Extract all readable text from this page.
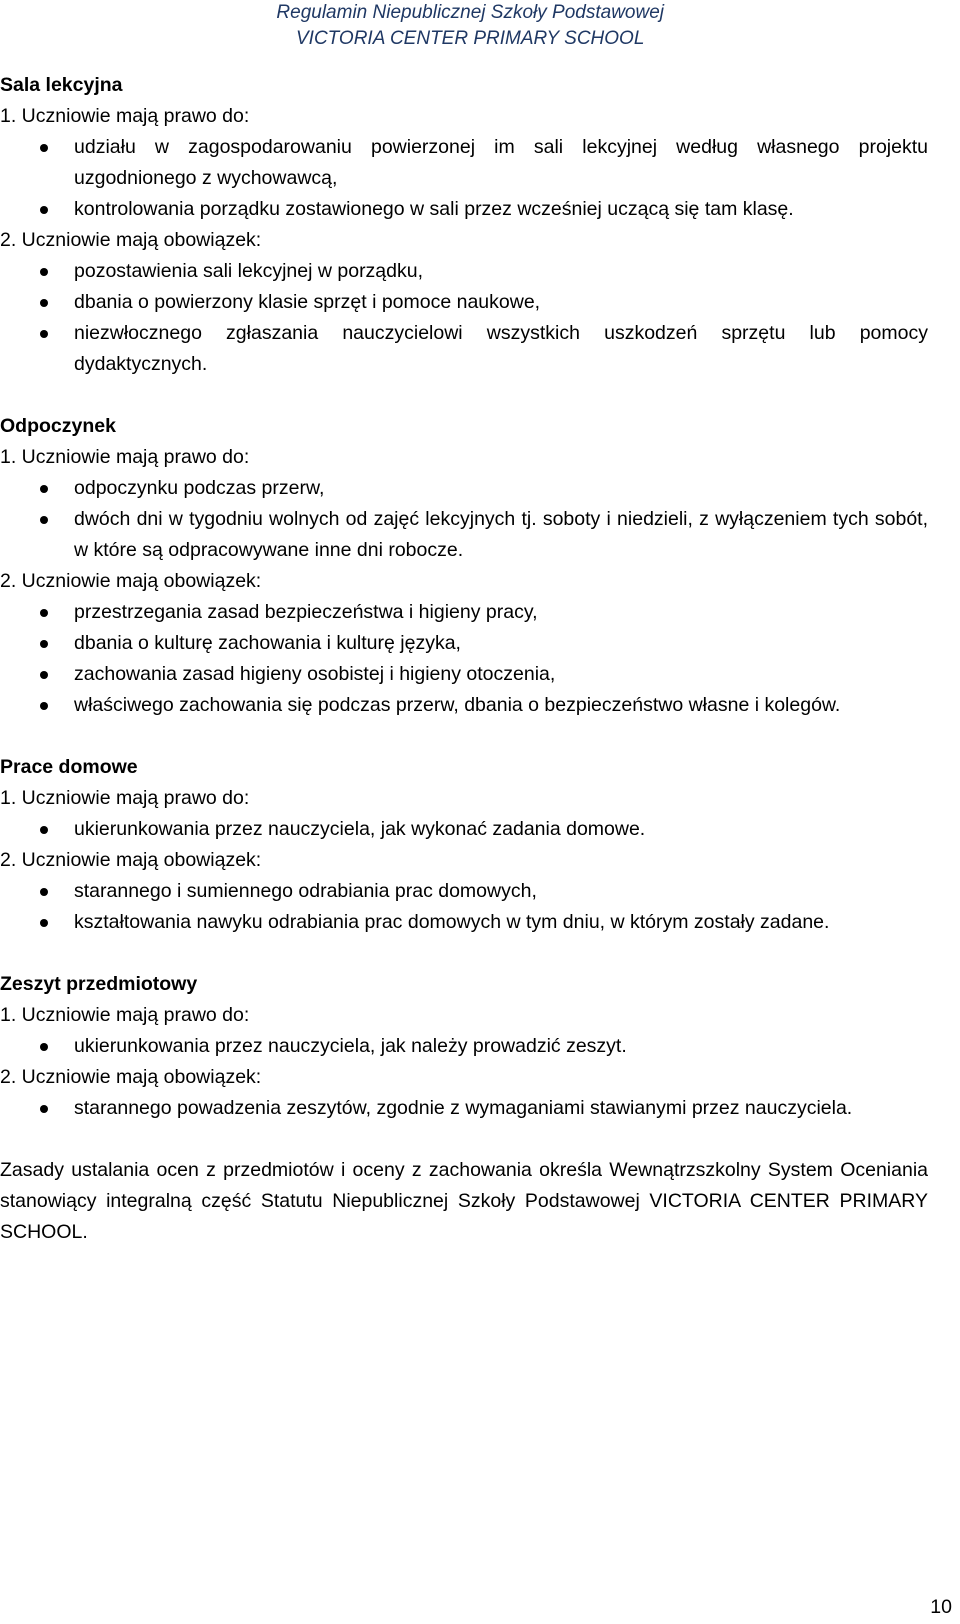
Regulamin Niepublicznej Szkoły Podstawowej
VICTORIA CENTER PRIMARY SCHOOL
Sala lekcyjna
1. Uczniowie mają prawo do:
udziału w zagospodarowaniu powierzonej im sali lekcyjnej według własnego projektu uzgodnionego z wychowawcą,
kontrolowania porządku zostawionego w sali przez wcześniej uczącą się tam klasę.
2. Uczniowie mają obowiązek:
pozostawienia sali lekcyjnej w porządku,
dbania o powierzony klasie sprzęt i pomoce naukowe,
niezwłocznego zgłaszania nauczycielowi wszystkich uszkodzeń sprzętu lub pomocy dydaktycznych.
Odpoczynek
1. Uczniowie mają prawo do:
odpoczynku podczas przerw,
dwóch dni w tygodniu wolnych od zajęć lekcyjnych tj. soboty i niedzieli, z wyłączeniem tych sobót, w które są odpracowywane inne dni robocze.
2. Uczniowie mają obowiązek:
przestrzegania zasad bezpieczeństwa i higieny pracy,
dbania o kulturę zachowania i kulturę języka,
zachowania zasad higieny osobistej i higieny otoczenia,
właściwego zachowania się podczas przerw, dbania o bezpieczeństwo własne i kolegów.
Prace domowe
1. Uczniowie mają prawo do:
ukierunkowania przez nauczyciela, jak wykonać zadania domowe.
2. Uczniowie mają obowiązek:
starannego i sumiennego odrabiania prac domowych,
kształtowania nawyku odrabiania prac domowych w tym dniu, w którym zostały zadane.
Zeszyt przedmiotowy
1. Uczniowie mają prawo do:
ukierunkowania przez nauczyciela, jak należy prowadzić zeszyt.
2. Uczniowie mają obowiązek:
starannego powadzenia zeszytów, zgodnie z wymaganiami stawianymi przez nauczyciela.
Zasady ustalania ocen z przedmiotów i oceny z zachowania określa Wewnątrzszkolny System Oceniania stanowiący integralną część Statutu Niepublicznej Szkoły Podstawowej VICTORIA CENTER PRIMARY SCHOOL.
10
